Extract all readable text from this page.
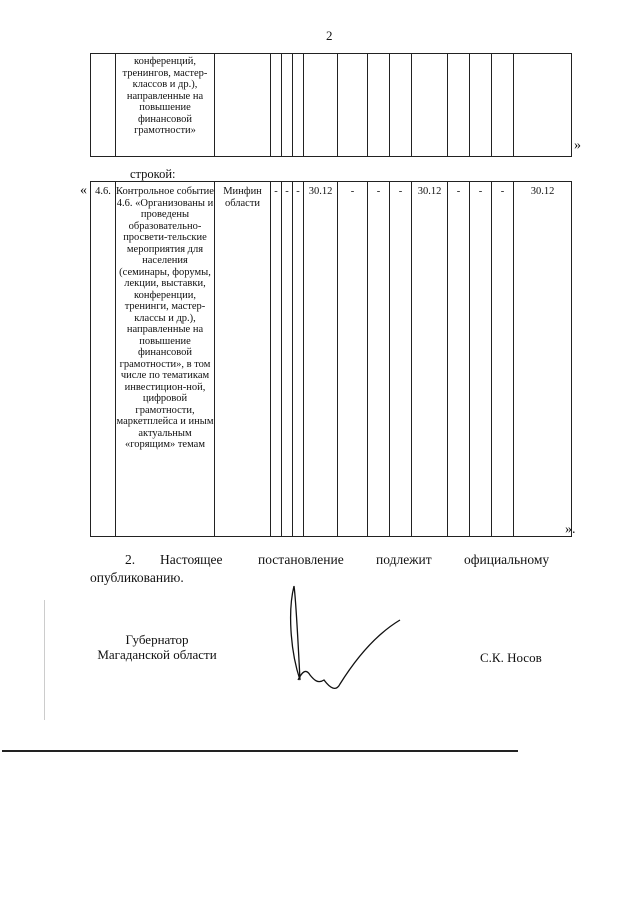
2
	конференций, тренингов, мастер-классов и др.), направленные на повышение финансовой грамотности»													
»
строкой:
« 4.6.	Контрольное событие 4.6. «Организованы и проведены образовательно-просвети-тельские мероприятия для населения (семинары, форумы, лекции, выставки, конференции, тренинги, мастер-классы и др.), направленные на повышение финансовой грамотности», в том числе по тематикам инвестицион-ной, цифровой грамотности, маркетплейса и иным актуальным «горящим» темам	Минфин области	-	-	-	30.12	-	-	-	30.12	-	-	-	30.12
».
2. Настоящее	постановление подлежит официальному
опубликованию.
Губернатор
Магаданской области	С.К. Носов
